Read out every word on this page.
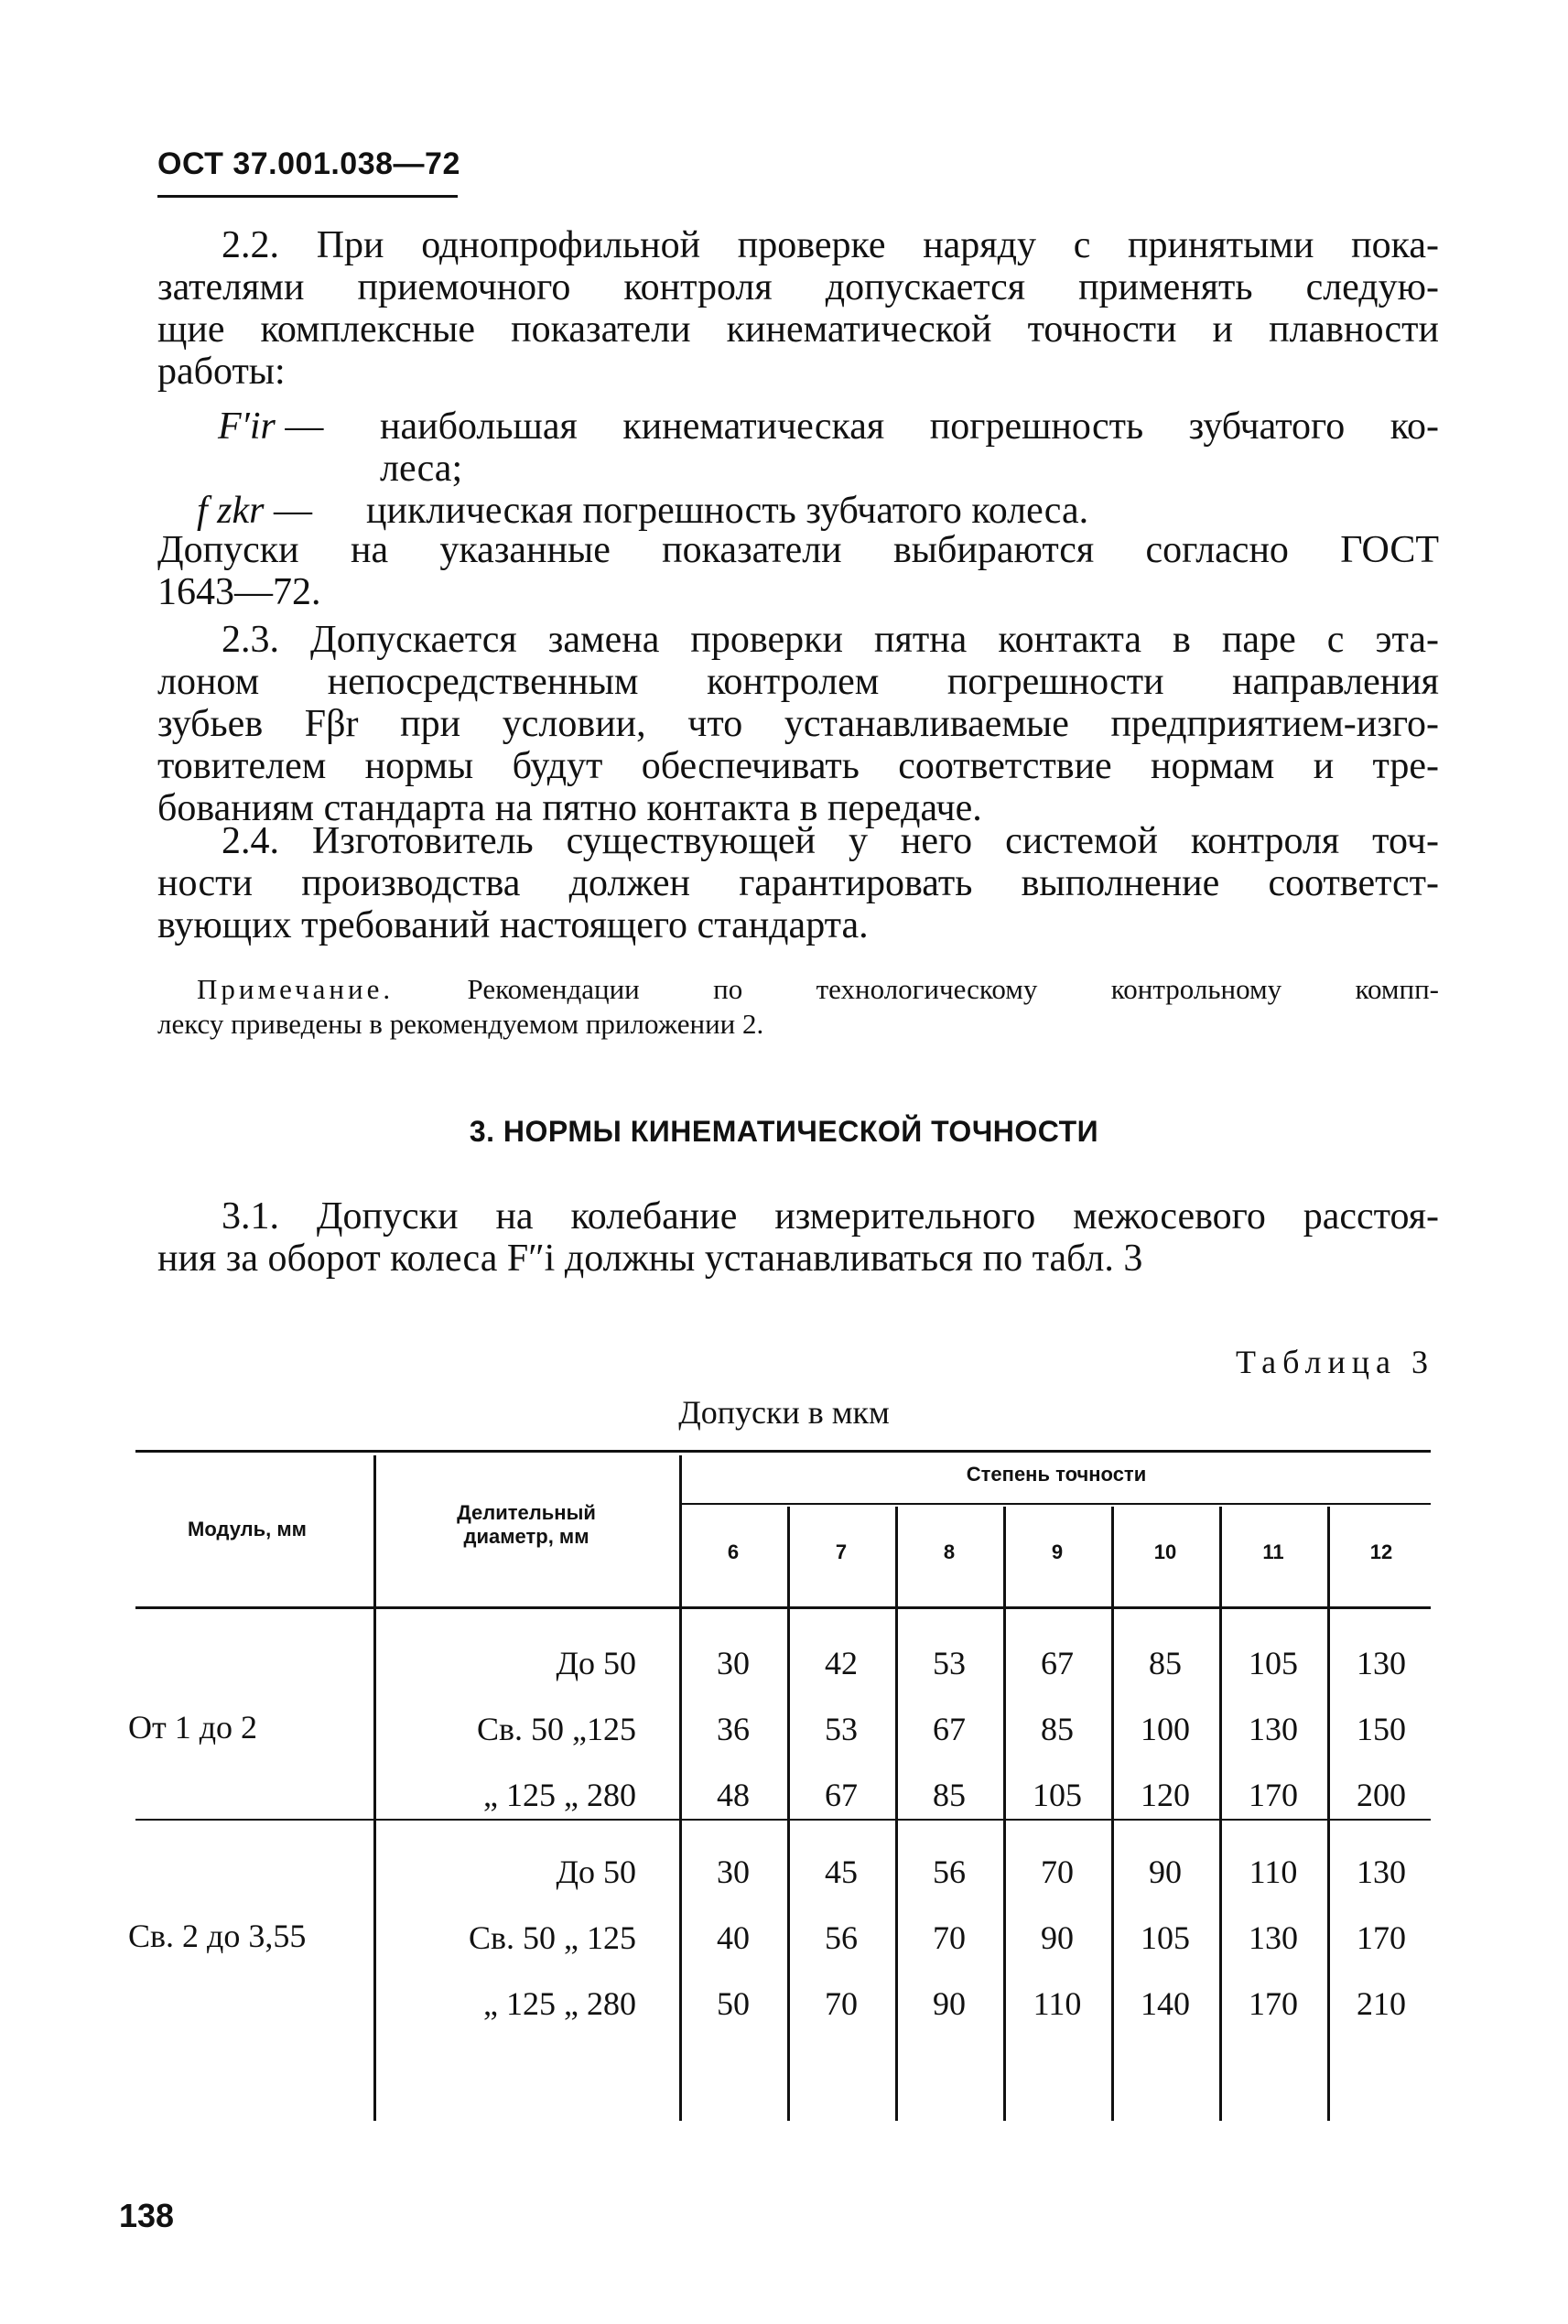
ОСТ 37.001.038—72

2.2. При однопрофильной проверке наряду с принятыми пока-

зателями приемочного контроля допускается применять следую-

щие комплексные показатели кинематической точности и плавности

работы:

F′ir — наибольшая кинематическая погрешность зубчатого ко-
леса;
f zkr — циклическая погрешность зубчатого колеса.

Допуски на указанные показатели выбираются согласно ГОСТ

1643—72.

2.3. Допускается замена проверки пятна контакта в паре с эта-

лоном непосредственным контролем погрешности направления

зубьев Fβr при условии, что устанавливаемые предприятием-изго-

товителем нормы будут обеспечивать соответствие нормам и тре-

бованиям стандарта на пятно контакта в передаче.

2.4. Изготовитель существующей у него системой контроля точ-

ности производства должен гарантировать выполнение соответст-

вующих требований настоящего стандарта.

Примечание.	Рекомендации по технологическому контрольному компп-
лексу приведены в рекомендуемом приложении 2.
3. НОРМЫ КИНЕМАТИЧЕСКОЙ ТОЧНОСТИ

3.1. Допуски на колебание измерительного межосевого расстоя-

ния за оборот колеса F″i должны устанавливаться по табл. 3

Таблица 3
Допуски в мкм
Модуль, мм
Делительный
диаметр, мм
Степень точности
6	7	8	9	10	11	12
От 1 до 2
До 50	30	42	53	67	85	105	130
Св. 50 „125	36	53	67	85	100	130	150
„ 125 „ 280	48	67	85	105	120	170	200
Св. 2 до 3,55
До 50	30	45	56	70	90	110	130
Св. 50 „ 125	40	56	70	90	105	130	170
„ 125 „ 280	50	70	90	110	140	170	210
138
